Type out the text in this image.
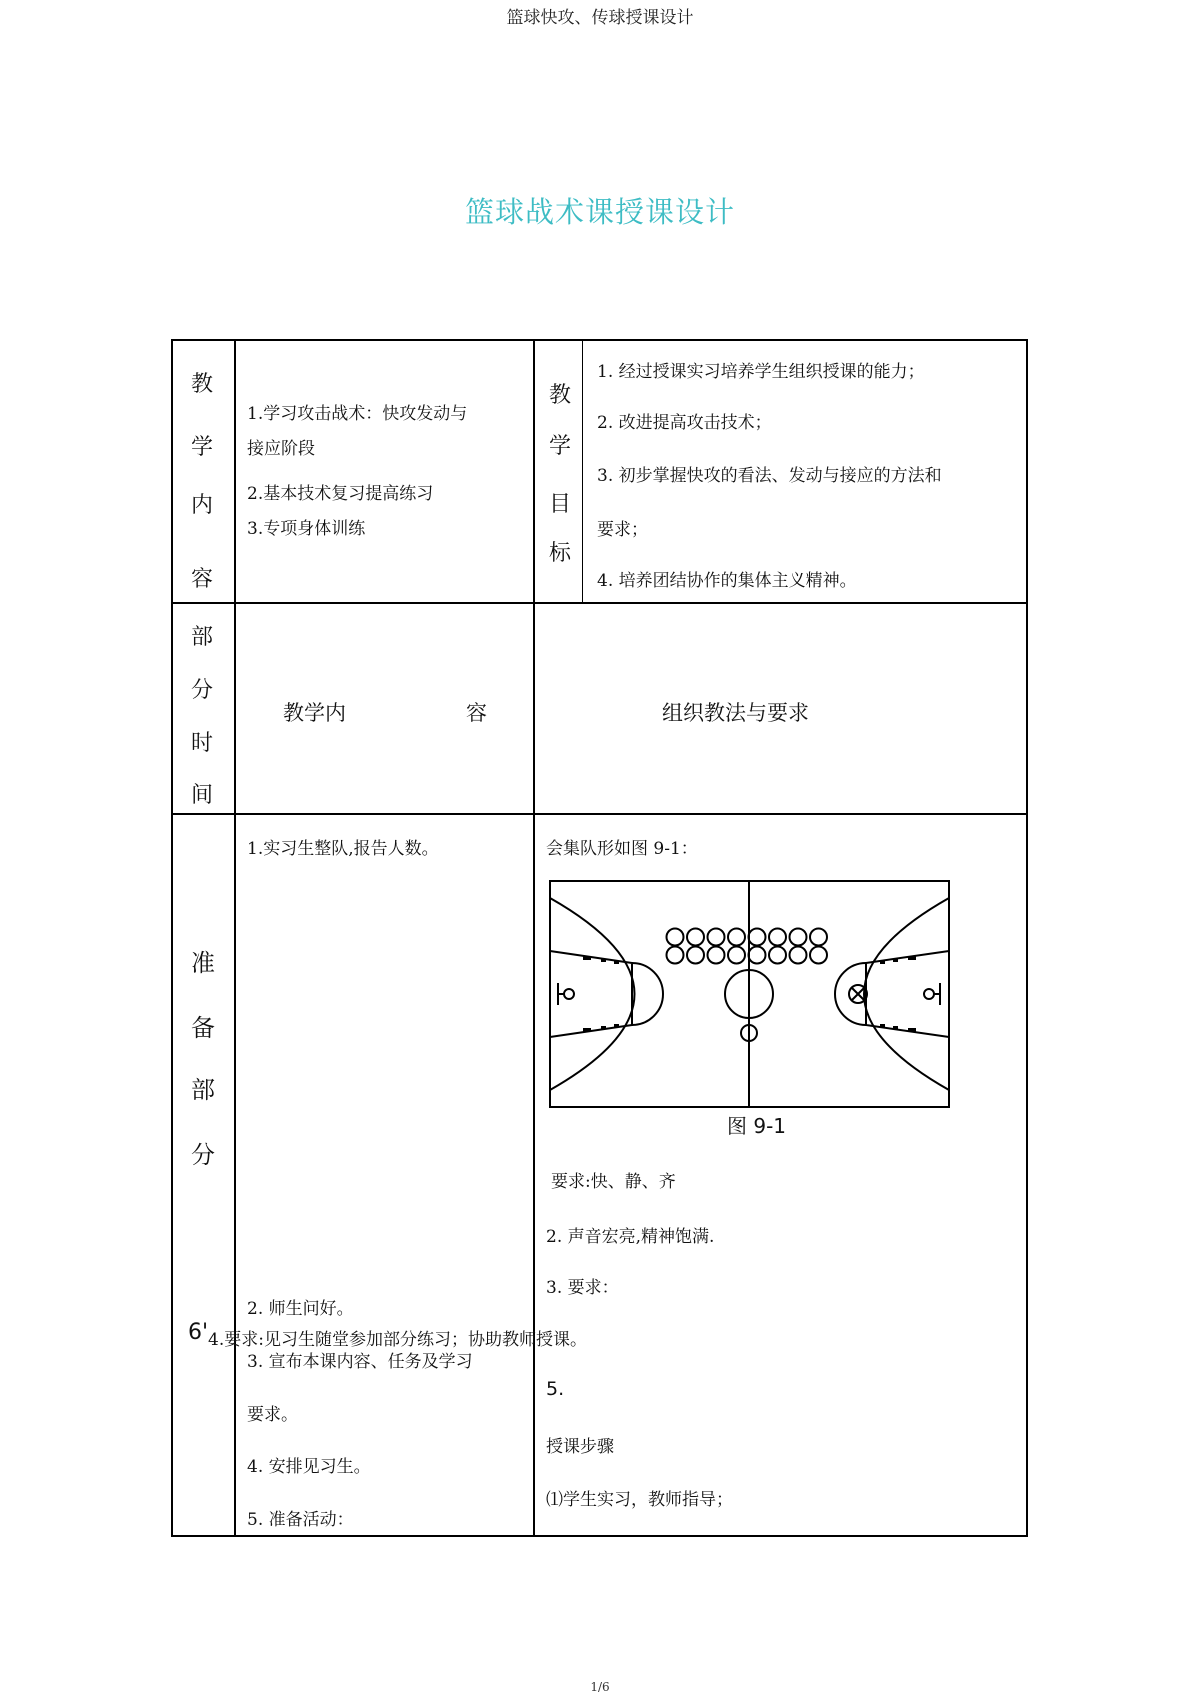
篮球快攻、传球授课设计
篮球战术课授课设计
教
学
内
容
1.学习攻击战术：快攻发动与
接应阶段
2.基本技术复习提高练习
3.专项身体训练
教
学
目
标
1. 经过授课实习培养学生组织授课的能力；
2. 改进提高攻击技术；
3. 初步掌握快攻的看法、发动与接应的方法和
要求；
4. 培养团结协作的集体主义精神。
部
分
时
间
教学内	容	组织教法与要求
准
备
部
分
6'
1.实习生整队,报告人数。
2. 师生问好。
3. 宣布本课内容、任务及学习
要求。
4. 安排见习生。
5. 准备活动：
会集队形如图 9-1：
图 9-1
要求:快、静、齐
2. 声音宏亮,精神饱满.
3. 要求：
4.要求:见习生随堂参加部分练习；协助教师授课。
5.
授课步骤
⑴学生实习，教师指导；
1/6
